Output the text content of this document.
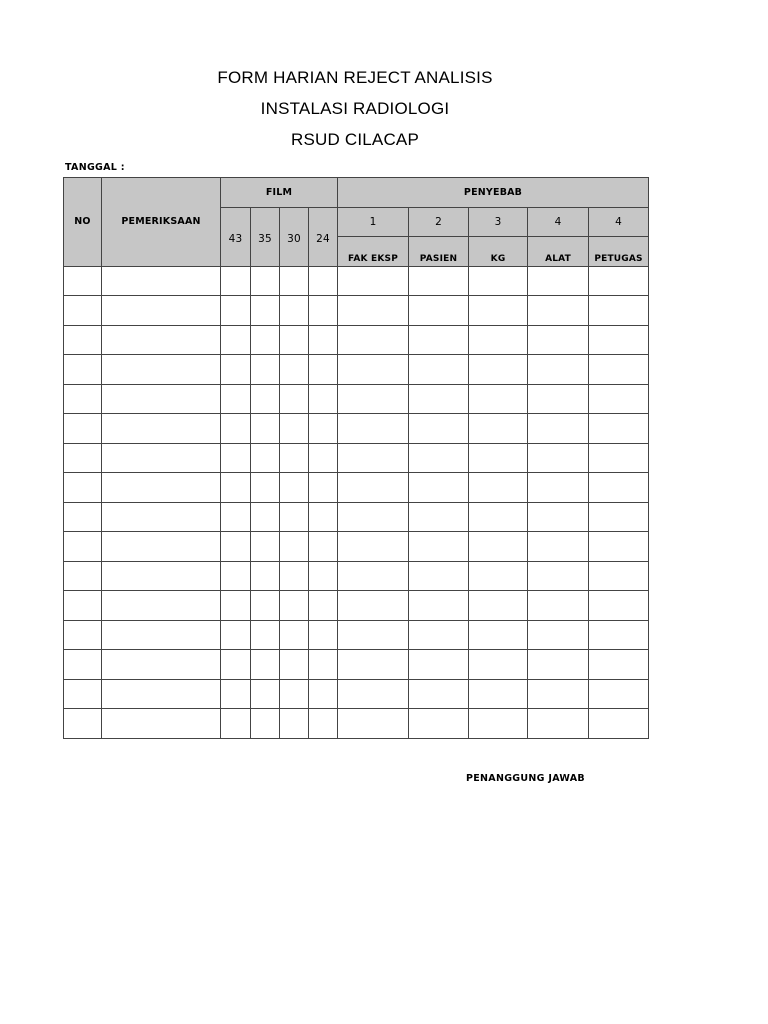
FORM HARIAN REJECT ANALISIS
INSTALASI RADIOLOGI
RSUD CILACAP
TANGGAL :
NO	PEMERIKSAAN	FILM				PENYEBAB				
		43	35	30	24	1	2	3	4	4
						FAK EKSP	PASIEN	KG	ALAT	PETUGAS

PENANGGUNG JAWAB
